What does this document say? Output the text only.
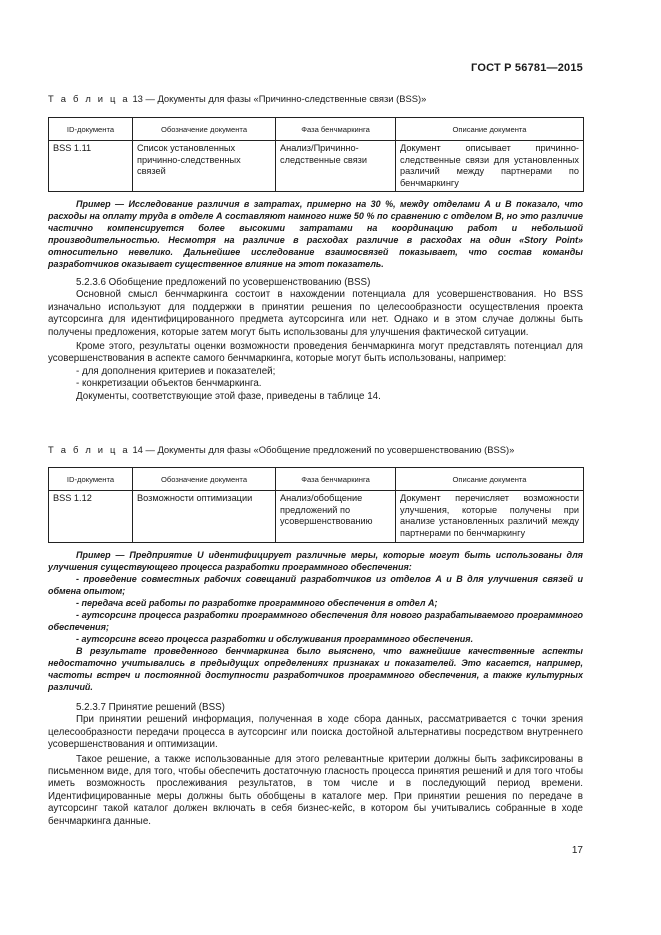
ГОСТ Р 56781—2015
Т а б л и ц а 13 — Документы для фазы «Причинно-следственные связи (BSS)»
ID-документа	Обозначение документа	Фаза бенчмаркинга	Описание документа
BSS 1.11	Список установленных причинно-следственных связей	Анализ/Причинно-следственные связи	Документ описывает причинно-следственные связи для установленных различий между партнерами по бенчмаркингу

Пример — Исследование различия в затратах, примерно на 30 %, между отделами А и В показало, что расходы на оплату труда в отделе А составляют намного ниже 50 % по сравнению с отделом В, но это различие частично компенсируется более высокими затратами на координацию работ и небольшой производительностью. Несмотря на различие в расходах различие в расходах на один «Story Point» относительно невелико. Дальнейшее исследование взаимосвязей показывает, что состав команды разработчиков оказывает существенное влияние на этот показатель.

5.2.3.6 Обобщение предложений по усовершенствованию (BSS)

Основной смысл бенчмаркинга состоит в нахождении потенциала для усовершенствования. Но BSS изначально используют для поддержки в принятии решения по целесообразности осуществления проекта аутсорсинга для идентифицированного предмета аутсорсинга или нет. Однако и в этом случае должны быть получены предложения, которые затем могут быть использованы для улучшения фактической ситуации.

Кроме этого, результаты оценки возможности проведения бенчмаркинга могут представлять потенциал для усовершенствования в аспекте самого бенчмаркинга, которые могут быть использованы, например:

- для дополнения критериев и показателей;

- конкретизации объектов бенчмаркинга.

Документы, соответствующие этой фазе, приведены в таблице 14.

Т а б л и ц а 14 — Документы для фазы «Обобщение предложений по усовершенствованию (BSS)»
ID-документа	Обозначение документа	Фаза бенчмаркинга	Описание документа
BSS 1.12	Возможности оптимизации	Анализ/обобщение предложений по усовершенствованию	Документ перечисляет возможности улучшения, которые получены при анализе установленных различий между партнерами по бенчмаркингу

Пример — Предприятие U идентифицирует различные меры, которые могут быть использованы для улучшения существующего процесса разработки программного обеспечения:

- проведение совместных рабочих совещаний разработчиков из отделов А и В для улучшения связей и обмена опытом;

- передача всей работы по разработке программного обеспечения в отдел А;

- аутсорсинг процесса разработки программного обеспечения для нового разрабатываемого программного обеспечения;

- аутсорсинг всего процесса разработки и обслуживания программного обеспечения.

В результате проведенного бенчмаркинга было выяснено, что важнейшие качественные аспекты недостаточно учитывались в предыдущих определениях признаках и показателей. Это касается, например, частоты встреч и постоянной доступности разработчиков программного обеспечения, а также культурных различий.

5.2.3.7 Принятие решений (BSS)

При принятии решений информация, полученная в ходе сбора данных, рассматривается с точки зрения целесообразности передачи процесса в аутсорсинг или поиска достойной альтернативы посредством внутреннего усовершенствования и оптимизации.

Такое решение, а также использованные для этого релевантные критерии должны быть зафиксированы в письменном виде, для того, чтобы обеспечить достаточную гласность процесса принятия решений и для того чтобы иметь возможность прослеживания результатов, в том числе и в последующий период времени. Идентифицированные меры должны быть обобщены в каталоге мер. При принятии решения по передаче в аутсорсинг такой каталог должен включать в себя бизнес-кейс, в котором бы учитывались собранные в ходе бенчмаркинга данные.

17
